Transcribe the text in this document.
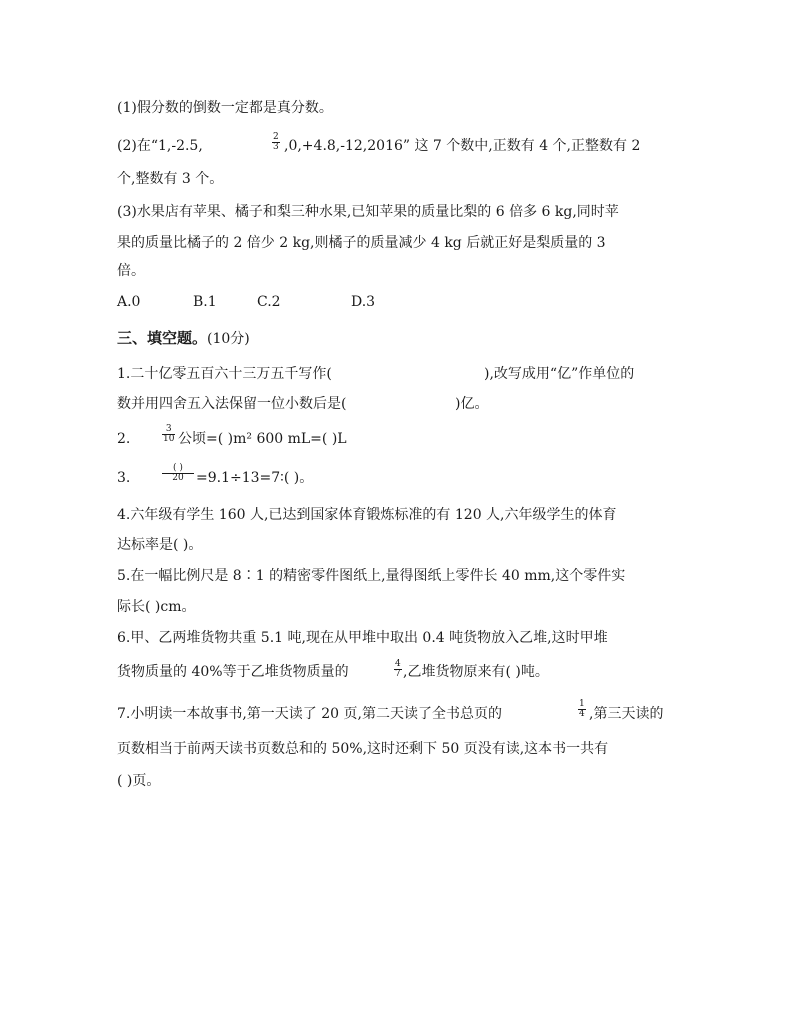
(1)假分数的倒数一定都是真分数。
(2)在“1,-2.5,
2
3 ,0,+4.8,-12,2016” 这 7 个数中,正数有 4 个,正整数有 2
个,整数有 3 个。
(3)水果店有苹果、橘子和梨三种水果,已知苹果的质量比梨的 6 倍多 6 kg,同时苹
果的质量比橘子的 2 倍少 2 kg,则橘子的质量减少 4 kg 后就正好是梨质量的 3
倍。
A.0	B.1	C.2	D.3
三、填空题。(10分)
1.二十亿零五百六十三万五千写作(	),改写成用“亿”作单位的
数并用四舍五入法保留一位小数后是(	)亿。
2.
3
10 公顷=( )m² 600 mL=( )L
3.
( )
20 =9.1÷13=7∶( )。
4.六年级有学生 160 人,已达到国家体育锻炼标准的有 120 人,六年级学生的体育
达标率是( )。
5.在一幅比例尺是 8∶1 的精密零件图纸上,量得图纸上零件长 40 mm,这个零件实
际长( )cm。
6.甲、乙两堆货物共重 5.1 吨,现在从甲堆中取出 0.4 吨货物放入乙堆,这时甲堆
货物质量的 40%等于乙堆货物质量的	4
7 ,乙堆货物原来有( )吨。
7.小明读一本故事书,第一天读了 20 页,第二天读了全书总页的
1
4 ,第三天读的
页数相当于前两天读书页数总和的 50%,这时还剩下 50 页没有读,这本书一共有
( )页。
